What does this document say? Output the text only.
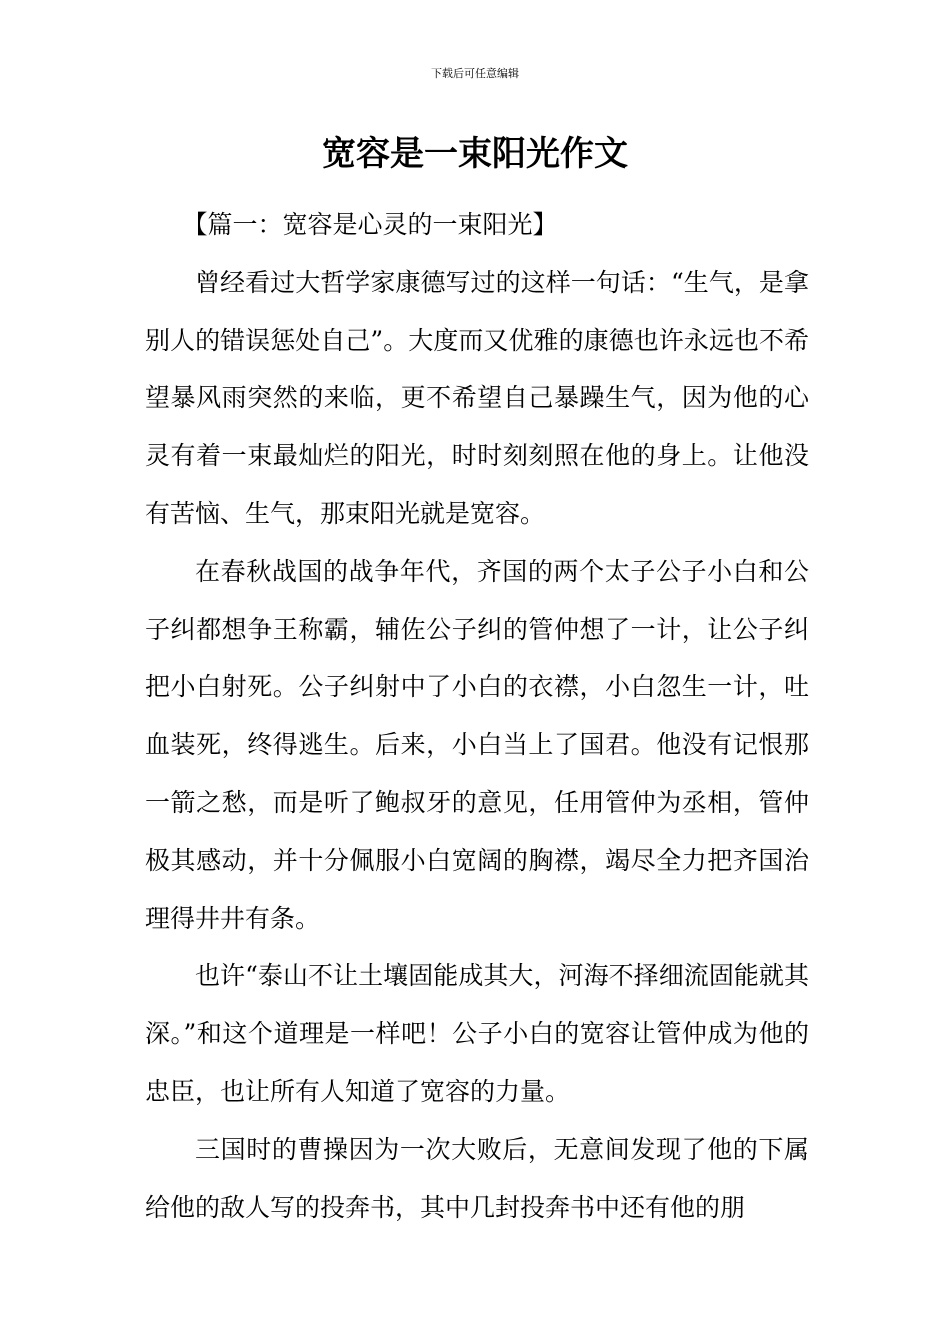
下载后可任意编辑
宽容是一束阳光作文
【篇一：宽容是心灵的一束阳光】

曾经看过大哲学家康德写过的这样一句话：“生气，是拿别人的错误惩处自己”。大度而又优雅的康德也许永远也不希望暴风雨突然的来临，更不希望自己暴躁生气，因为他的心灵有着一束最灿烂的阳光，时时刻刻照在他的身上。让他没有苦恼、生气，那束阳光就是宽容。

在春秋战国的战争年代，齐国的两个太子公子小白和公子纠都想争王称霸，辅佐公子纠的管仲想了一计，让公子纠把小白射死。公子纠射中了小白的衣襟，小白忽生一计，吐血装死，终得逃生。后来，小白当上了国君。他没有记恨那一箭之愁，而是听了鲍叔牙的意见，任用管仲为丞相，管仲极其感动，并十分佩服小白宽阔的胸襟，竭尽全力把齐国治理得井井有条。

也许“泰山不让土壤固能成其大，河海不择细流固能就其深。”和这个道理是一样吧！公子小白的宽容让管仲成为他的忠臣，也让所有人知道了宽容的力量。

三国时的曹操因为一次大败后，无意间发现了他的下属给他的敌人写的投奔书，其中几封投奔书中还有他的朋
